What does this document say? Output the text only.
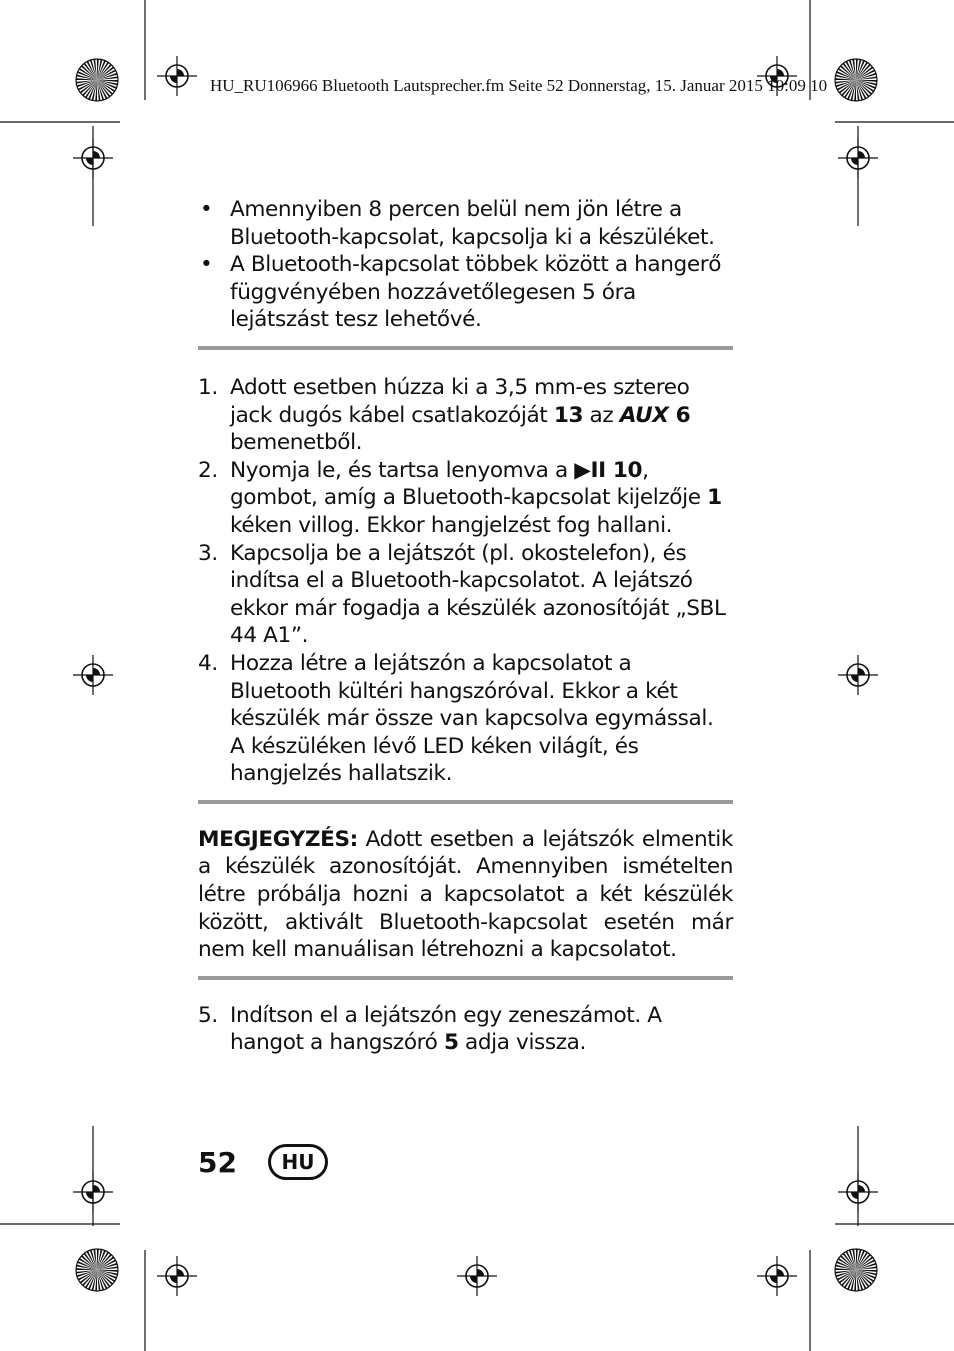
HU_RU106966 Bluetooth Lautsprecher.fm Seite 52 Donnerstag, 15. Januar 2015 10:09 10
• Amennyiben 8 percen belül nem jön létre a Bluetooth-kapcsolat, kapcsolja ki a készüléket.
• A Bluetooth-kapcsolat többek között a hangerő függvényében hozzávetőlegesen 5 óra lejátszást tesz lehetővé.
1. Adott esetben húzza ki a 3,5 mm-es sztereo jack dugós kábel csatlakozóját 13 az AUX 6 bemenetből.
2. Nyomja le, és tartsa lenyomva a ▶II 10, gombot, amíg a Bluetooth-kapcsolat kijelzője 1 kéken villog. Ekkor hangjelzést fog hallani.
3. Kapcsolja be a lejátszót (pl. okostelefon), és indítsa el a Bluetooth-kapcsolatot. A lejátszó ekkor már fogadja a készülék azonosítóját „SBL 44 A1”.
4. Hozza létre a lejátszón a kapcsolatot a Bluetooth kültéri hangszóróval. Ekkor a két készülék már össze van kapcsolva egymással. A készüléken lévő LED kéken világít, és hangjelzés hallatszik.
MEGJEGYZÉS: Adott esetben a lejátszók elmentik a készülék azonosítóját. Amennyiben ismételten létre próbálja hozni a kapcsolatot a két készülék között, aktivált Bluetooth-kapcsolat esetén már nem kell manuálisan létrehozni a kapcsolatot.
5. Indítson el a lejátszón egy zeneszámot. A hangot a hangszóró 5 adja vissza.
52	HU
